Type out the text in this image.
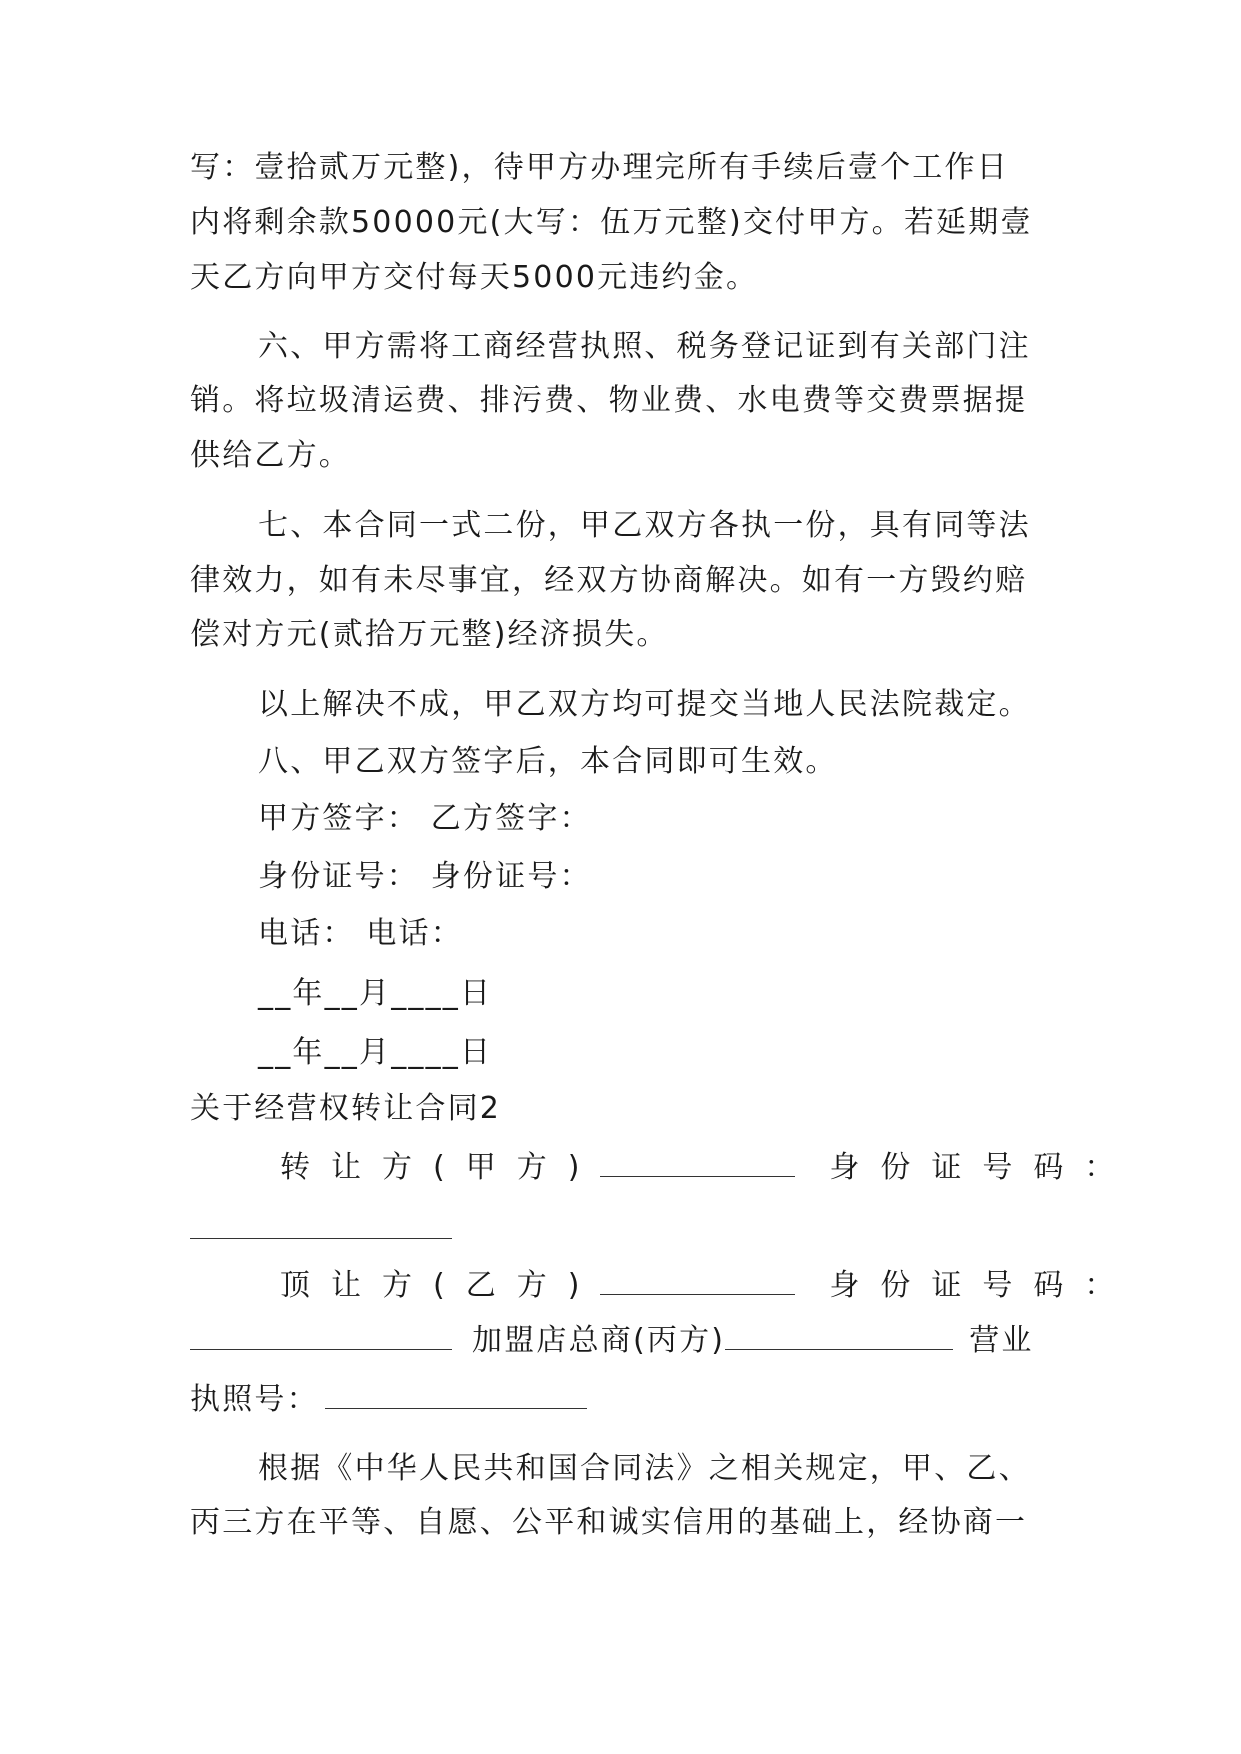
写：壹拾贰万元整)，待甲方办理完所有手续后壹个工作日
内将剩余款50000元(大写：伍万元整)交付甲方。若延期壹
天乙方向甲方交付每天5000元违约金。
六、甲方需将工商经营执照、税务登记证到有关部门注
销。将垃圾清运费、排污费、物业费、水电费等交费票据提
供给乙方。
七、本合同一式二份，甲乙双方各执一份，具有同等法
律效力，如有未尽事宜，经双方协商解决。如有一方毁约赔
偿对方元(贰拾万元整)经济损失。
以上解决不成，甲乙双方均可提交当地人民法院裁定。
八、甲乙双方签字后，本合同即可生效。
甲方签字： 乙方签字：
身份证号： 身份证号：
电话： 电话：
__年__月____日
__年__月____日
关于经营权转让合同2
转让方(甲方)	身份证号码：
顶让方(乙方)	身份证号码：
加盟店总商(丙方)	营业
执照号：
根据《中华人民共和国合同法》之相关规定，甲、乙、
丙三方在平等、自愿、公平和诚实信用的基础上，经协商一
